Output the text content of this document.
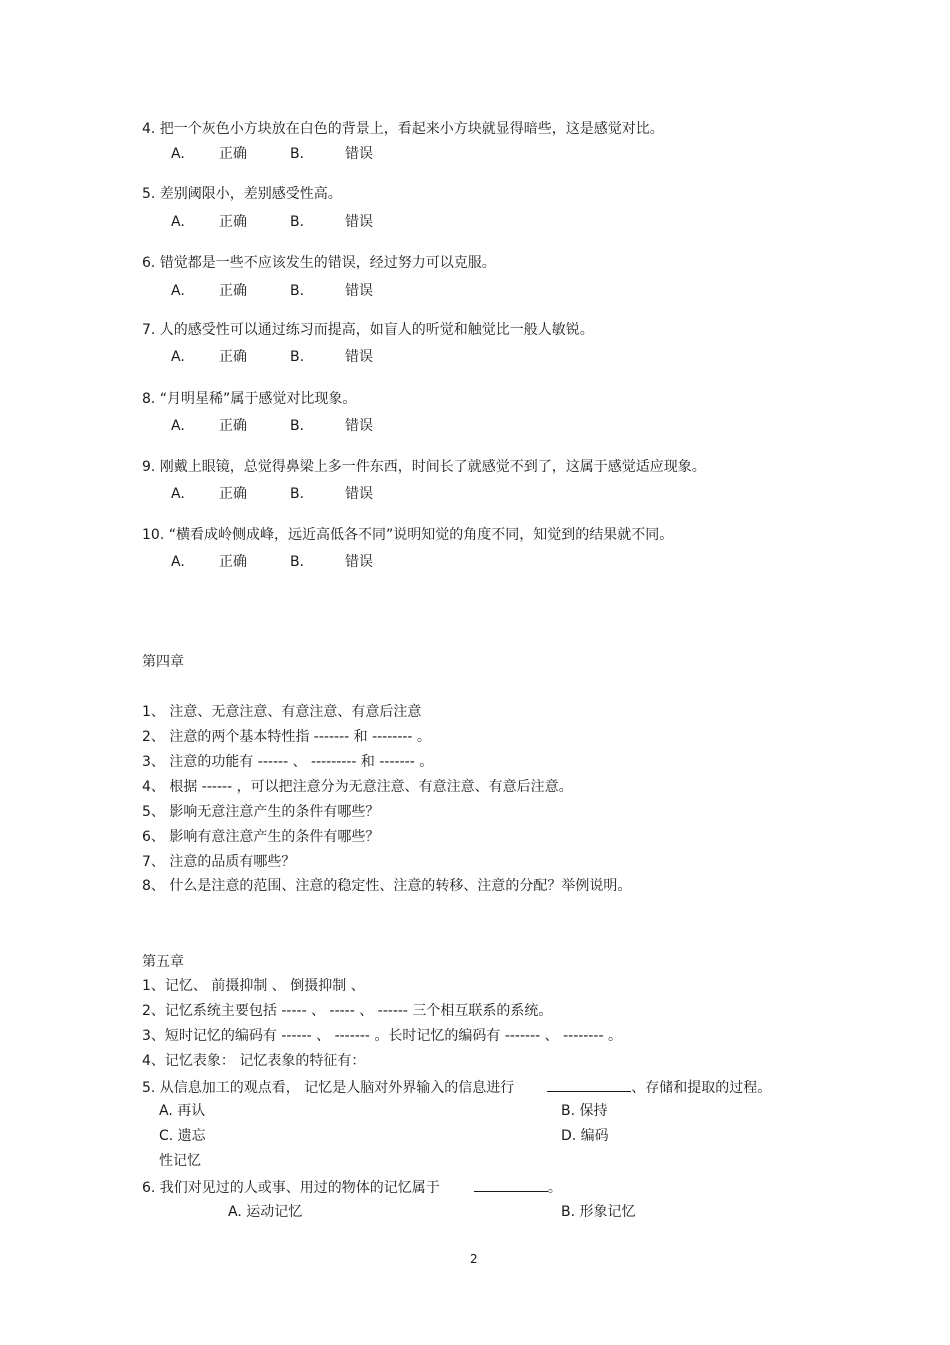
4. 把一个灰色小方块放在白色的背景上，看起来小方块就显得暗些，这是感觉对比。
A. 正确	B.	错误
5. 差别阈限小，差别感受性高。
A. 正确	B.	错误
6. 错觉都是一些不应该发生的错误，经过努力可以克服。
A. 正确	B.	错误
7. 人的感受性可以通过练习而提高，如盲人的听觉和触觉比一般人敏锐。
A. 正确	B.	错误
8. “月明星稀”属于感觉对比现象。
A. 正确	B.	错误
9. 刚戴上眼镜，总觉得鼻梁上多一件东西，时间长了就感觉不到了，这属于感觉适应现象。
A. 正确	B.	错误
10. “横看成岭侧成峰，远近高低各不同”说明知觉的角度不同，知觉到的结果就不同。
A. 正确	B.	错误
第四章
1、 注意、无意注意、有意注意、有意后注意
2、 注意的两个基本特性指 ------- 和 -------- 。
3、 注意的功能有 ------ 、 --------- 和 ------- 。
4、 根据 ------ ，可以把注意分为无意注意、有意注意、有意后注意。
5、 影响无意注意产生的条件有哪些？
6、 影响有意注意产生的条件有哪些？
7、 注意的品质有哪些？
8、 什么是注意的范围、注意的稳定性、注意的转移、注意的分配？举例说明。
第五章
1、记忆、 前摄抑制 、 倒摄抑制 、
2、记忆系统主要包括 ----- 、 ----- 、 ------ 三个相互联系的系统。
3、短时记忆的编码有 ------ 、 ------- 。长时记忆的编码有 ------- 、 -------- 。
4、记忆表象： 记忆表象的特征有：
5. 从信息加工的观点看， 记忆是人脑对外界输入的信息进行	、存储和提取的过程。
A. 再认	B. 保持
C. 遗忘	D. 编码
性记忆
6. 我们对见过的人或事、用过的物体的记忆属于	。
A. 运动记忆	B. 形象记忆
2
